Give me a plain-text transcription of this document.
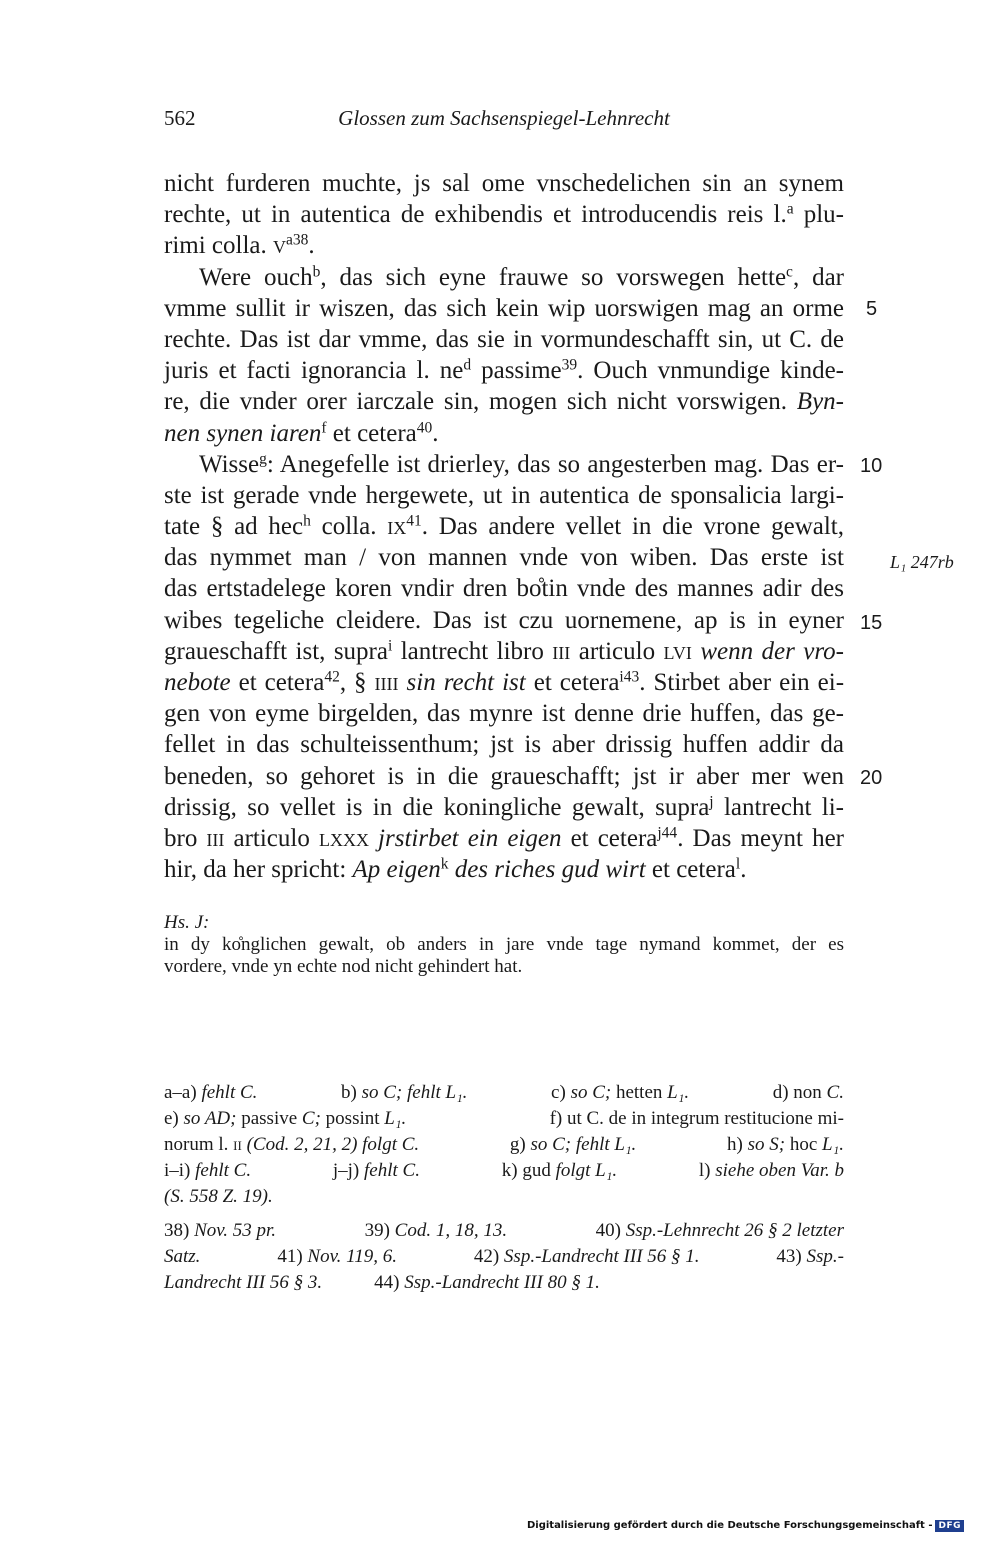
562	Glossen zum Sachsenspiegel-Lehnrecht
nicht furderen muchte, js sal ome vnschedelichen sin an synem
rechte, ut in autentica de exhibendis et introducendis reis l.$^a$ plu-
rimi colla. $v^{a38}$.
Were ouch$^b$, das sich eyne frauwe so vorswegen hette$^c$, dar
vmme sullit ir wiszen, das sich kein wip uorswigen mag an orme
rechte. Das ist dar vmme, das sie in vormundeschafft sin, ut C. de
juris et facti ignorancia l. $ne^d$ passime$^{39}$. Ouch vnmundige kinde-
re, die vnder orer iarczale sin, mogen sich nicht vorswigen. Byn-
nen synen iaren$^f$ et cetera$^{40}$.
Wisse$^g$: Anegefelle ist drierley, das so angesterben mag. Das er-
ste ist gerade vnde hergewete, ut in autentica de sponsalicia largi-
tate § ad hec$^h$ colla. $ix^{41}$. Das andere vellet in die vrone gewalt,
das nymmet man / von mannen vnde von wiben. Das erste ist
das ertstadelege koren vndir dren bo̊tin vnde des mannes adir des
wibes tegeliche cleidere. Das ist czu uornemene, ap is in eyner
graueschafft ist, supra$^i$ lantrecht libro iii articulo lvi wenn der vro-
nebote et cetera$^{42}$, § iiii sin recht ist et cetera$^{i43}$. Stirbet aber ein ei-
gen von eyme birgelden, das mynre ist denne drie huffen, das ge-
fellet in das schulteissenthum; jst is aber drissig huffen addir da
beneden, so gehoret is in die graueschafft; jst ir aber mer wen
drissig, so vellet is in die koningliche gewalt, supra$^j$ lantrecht li-
bro iii articulo lxxx jrstirbet ein eigen et cetera$^{j44}$. Das meynt her
hir, da her spricht: Ap eigen$^k$ des riches gud wirt et cetera$^l$.
5
10
15
20
L₁ 247rb
Hs. J:
in dy ko̊nglichen gewalt, ob anders in jare vnde tage nymand kommet, der es
vordere, vnde yn echte nod nicht gehindert hat.
a–a) fehlt C.	b) so C; fehlt L₁.	c) so C; hetten L₁.	d) non C.
e) so AD; passive C; possint L₁.	f) ut C. de in integrum restitucione mi-
norum l. ii (Cod. 2, 21, 2) folgt C.	g) so C; fehlt L₁.	h) so S; hoc L₁.
i–i) fehlt C.	j–j) fehlt C.	k) gud folgt L₁.	l) siehe oben Var. b
(S. 558 Z. 19).
38) Nov. 53 pr.	39) Cod. 1, 18, 13.	40) Ssp.-Lehnrecht 26 § 2 letzter
Satz.	41) Nov. 119, 6.	42) Ssp.-Landrecht III 56 § 1.	43) Ssp.-
Landrecht III 56 § 3.	44) Ssp.-Landrecht III 80 § 1.
Digitalisierung gefördert durch die Deutsche Forschungsgemeinschaft - DFG
